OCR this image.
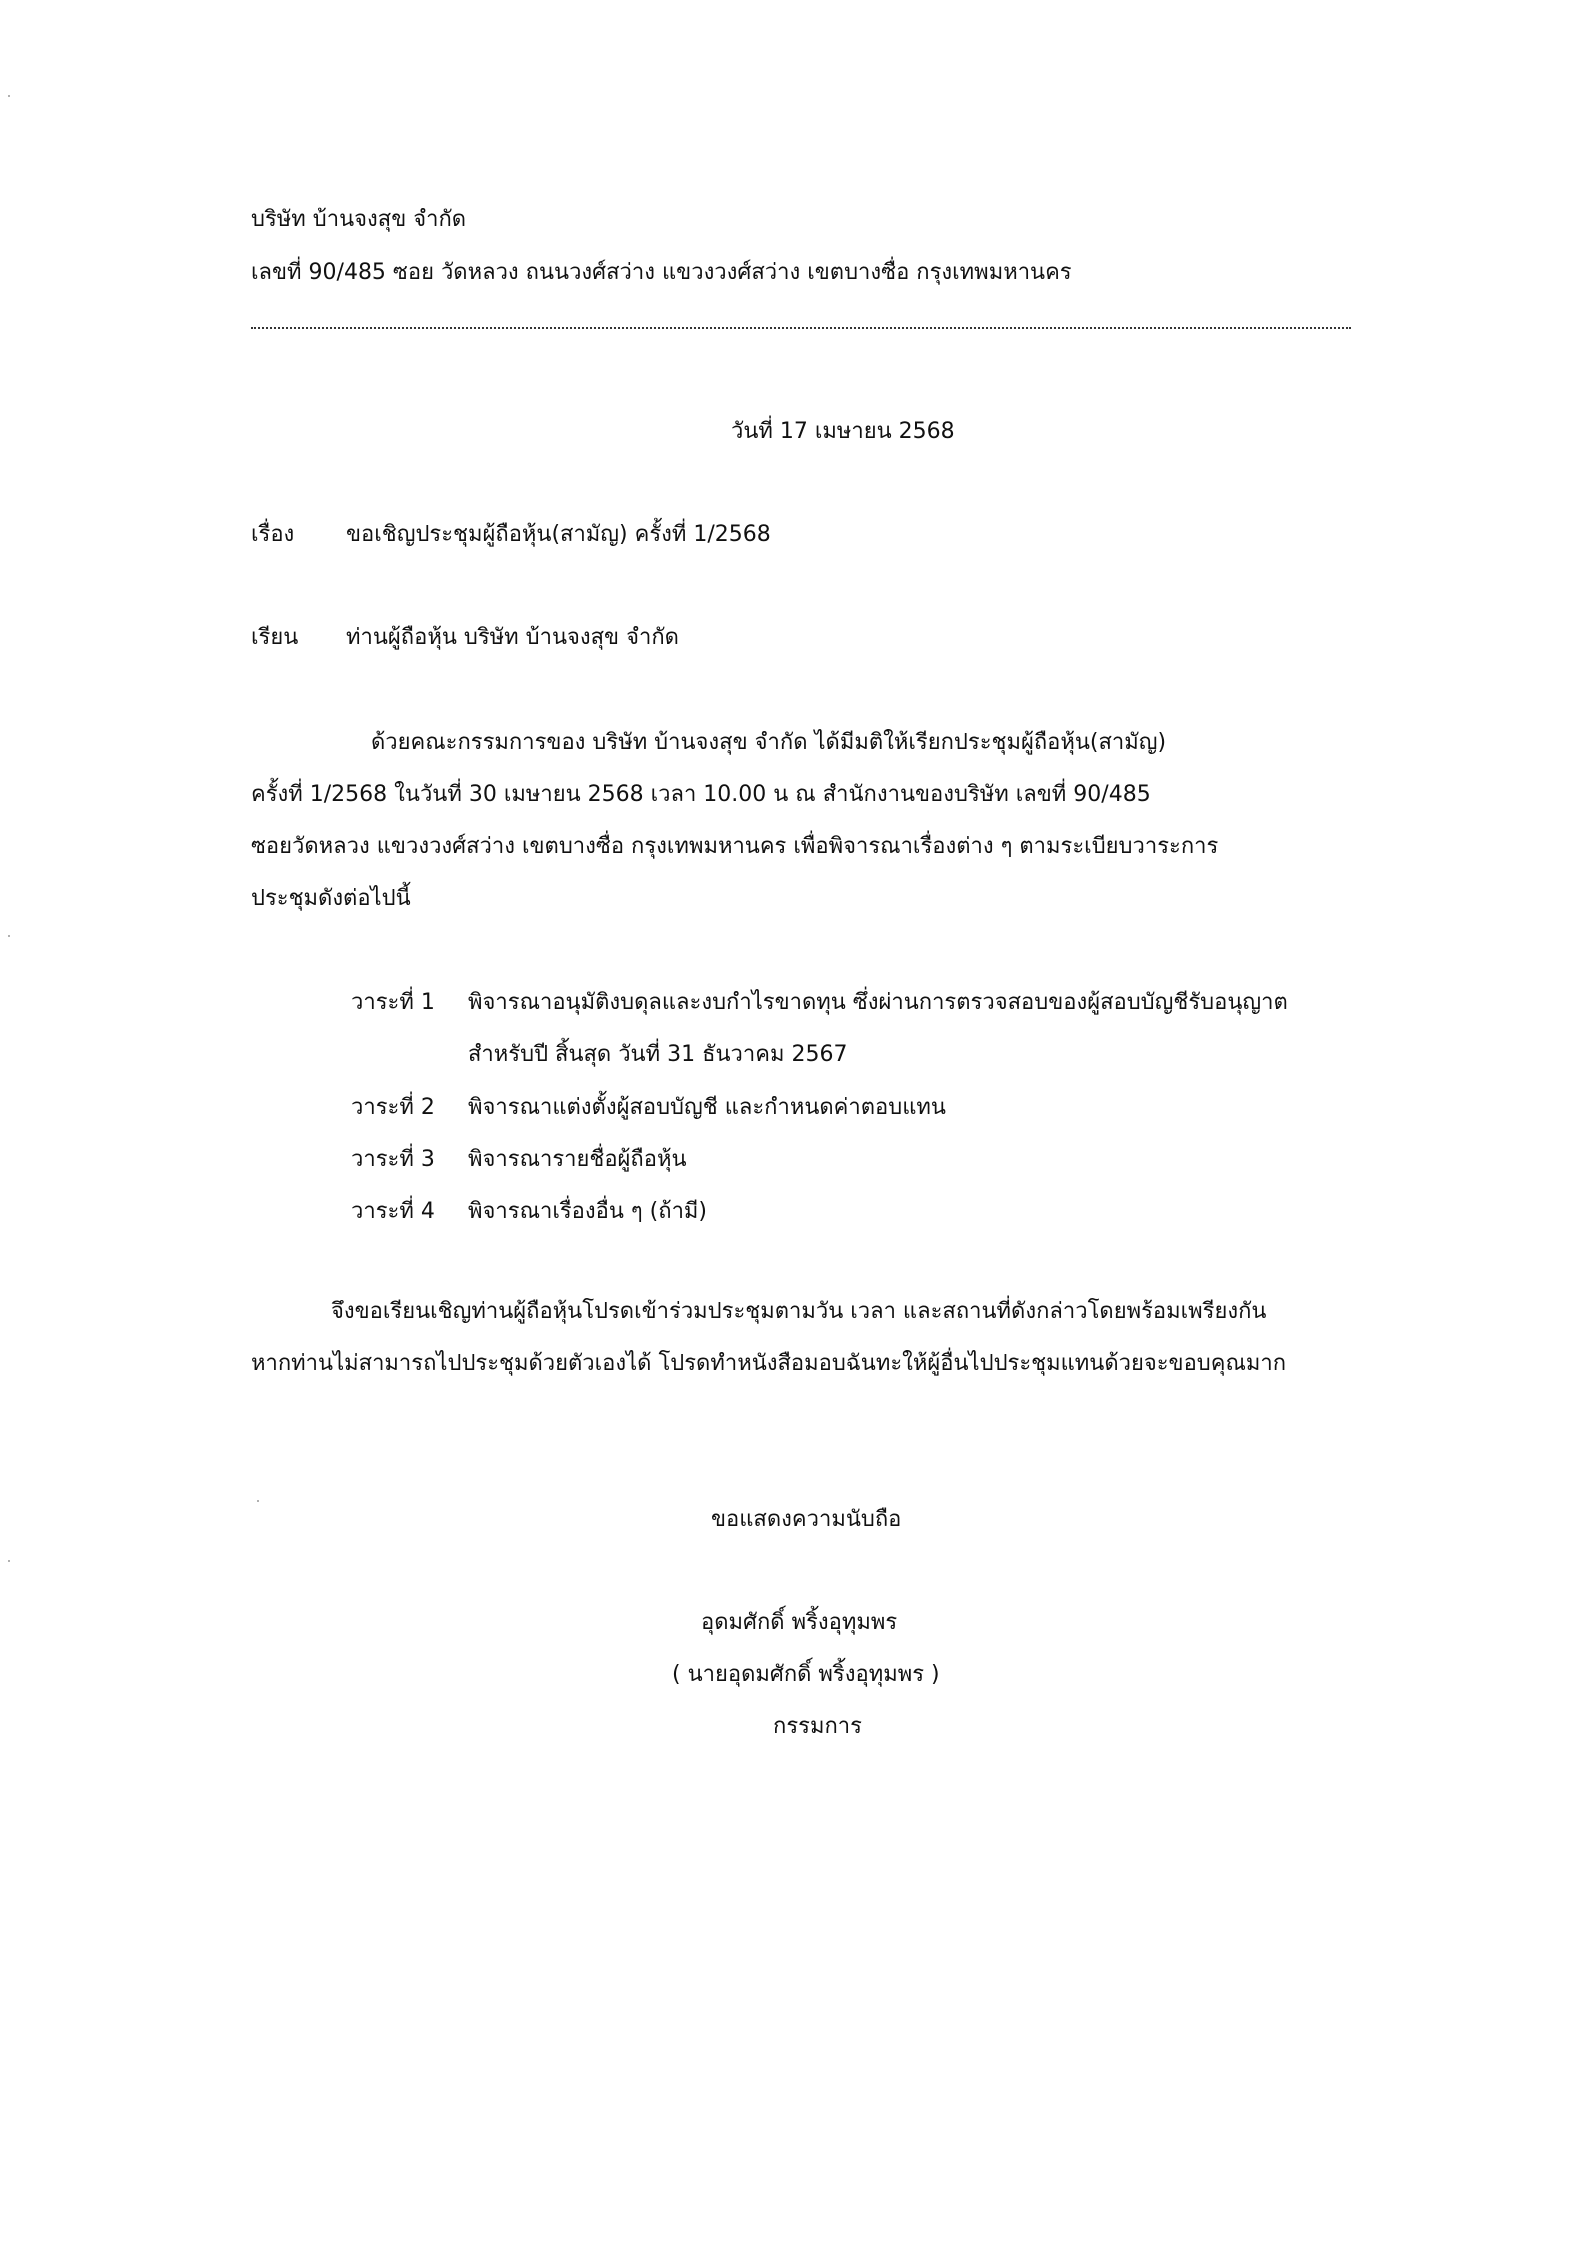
บริษัท บ้านจงสุข จำกัด
เลขที่ 90/485 ซอย วัดหลวง ถนนวงศ์สว่าง แขวงวงศ์สว่าง เขตบางซื่อ กรุงเทพมหานคร
วันที่ 17 เมษายน 2568
เรื่อง ขอเชิญประชุมผู้ถือหุ้น(สามัญ) ครั้งที่ 1/2568
เรียน ท่านผู้ถือหุ้น บริษัท บ้านจงสุข จำกัด
ด้วยคณะกรรมการของ บริษัท บ้านจงสุข จำกัด ได้มีมติให้เรียกประชุมผู้ถือหุ้น(สามัญ)
ครั้งที่ 1/2568 ในวันที่ 30 เมษายน 2568 เวลา 10.00 น ณ สำนักงานของบริษัท เลขที่ 90/485
ซอยวัดหลวง แขวงวงศ์สว่าง เขตบางซื่อ กรุงเทพมหานคร เพื่อพิจารณาเรื่องต่าง ๆ ตามระเบียบวาระการ
ประชุมดังต่อไปนี้
วาระที่ 1 พิจารณาอนุมัติงบดุลและงบกำไรขาดทุน ซึ่งผ่านการตรวจสอบของผู้สอบบัญชีรับอนุญาต
สำหรับปี สิ้นสุด วันที่ 31 ธันวาคม 2567
วาระที่ 2 พิจารณาแต่งตั้งผู้สอบบัญชี และกำหนดค่าตอบแทน
วาระที่ 3 พิจารณารายชื่อผู้ถือหุ้น
วาระที่ 4 พิจารณาเรื่องอื่น ๆ (ถ้ามี)
จึงขอเรียนเชิญท่านผู้ถือหุ้นโปรดเข้าร่วมประชุมตามวัน เวลา และสถานที่ดังกล่าวโดยพร้อมเพรียงกัน
หากท่านไม่สามารถไปประชุมด้วยตัวเองได้ โปรดทำหนังสือมอบฉันทะให้ผู้อื่นไปประชุมแทนด้วยจะขอบคุณมาก
ขอแสดงความนับถือ
อุดมศักดิ์ พริ้งอุทุมพร
( นายอุดมศักดิ์ พริ้งอุทุมพร )
กรรมการ
